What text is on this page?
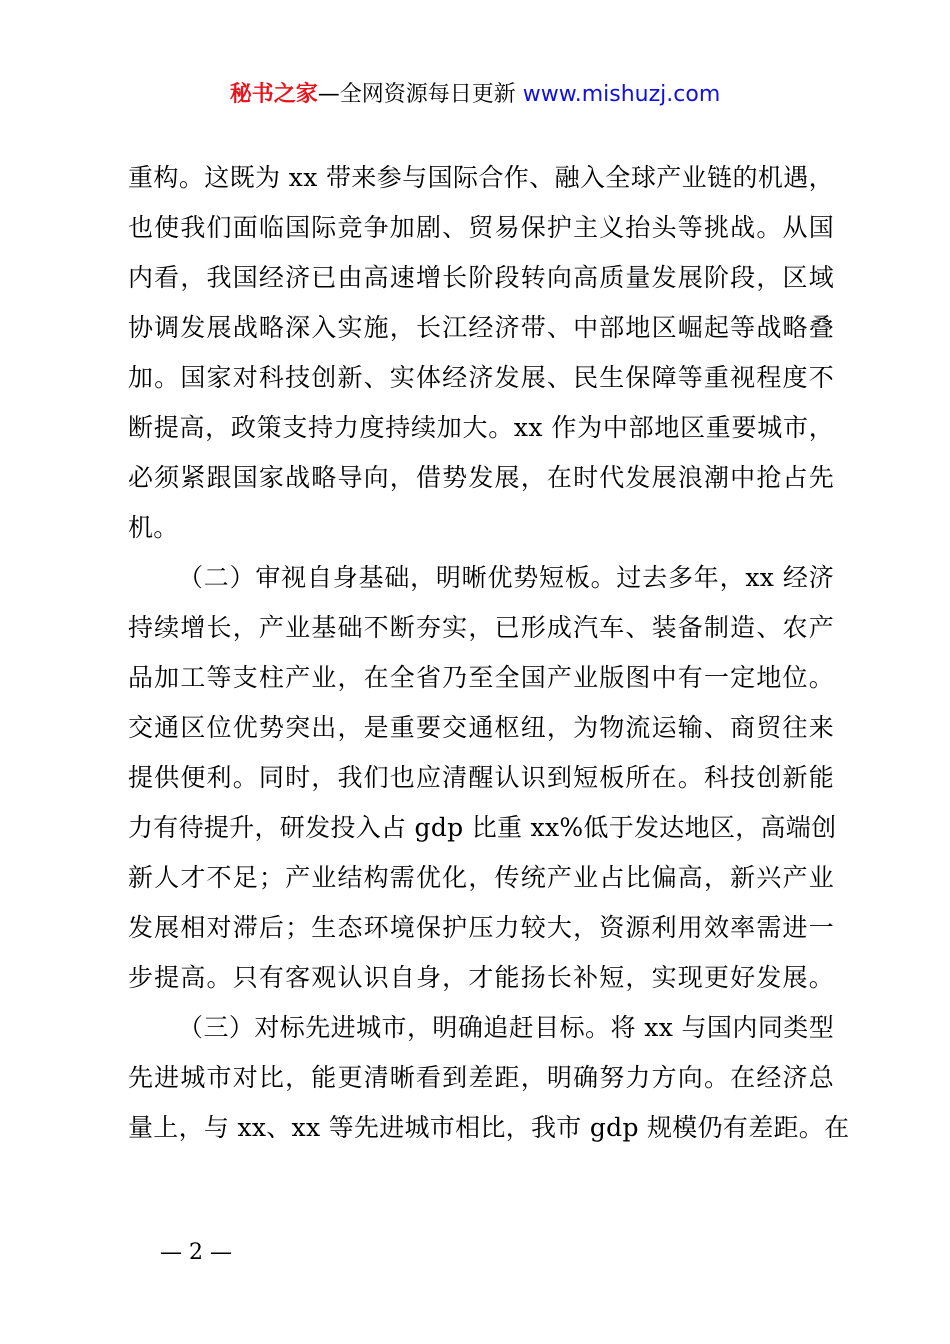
秘书之家—全网资源每日更新 www.mishuzj.com
重构。这既为 xx 带来参与国际合作、融入全球产业链的机遇，
也使我们面临国际竞争加剧、贸易保护主义抬头等挑战。从国
内看，我国经济已由高速增长阶段转向高质量发展阶段，区域
协调发展战略深入实施，长江经济带、中部地区崛起等战略叠
加。国家对科技创新、实体经济发展、民生保障等重视程度不
断提高，政策支持力度持续加大。xx 作为中部地区重要城市，
必须紧跟国家战略导向，借势发展，在时代发展浪潮中抢占先
机。
（二）审视自身基础，明晰优势短板。过去多年，xx 经济
持续增长，产业基础不断夯实，已形成汽车、装备制造、农产
品加工等支柱产业，在全省乃至全国产业版图中有一定地位。
交通区位优势突出，是重要交通枢纽，为物流运输、商贸往来
提供便利。同时，我们也应清醒认识到短板所在。科技创新能
力有待提升，研发投入占 gdp 比重 xx%低于发达地区，高端创
新人才不足；产业结构需优化，传统产业占比偏高，新兴产业
发展相对滞后；生态环境保护压力较大，资源利用效率需进一
步提高。只有客观认识自身，才能扬长补短，实现更好发展。
（三）对标先进城市，明确追赶目标。将 xx 与国内同类型
先进城市对比，能更清晰看到差距，明确努力方向。在经济总
量上，与 xx、xx 等先进城市相比，我市 gdp 规模仍有差距。在
— 2 —
